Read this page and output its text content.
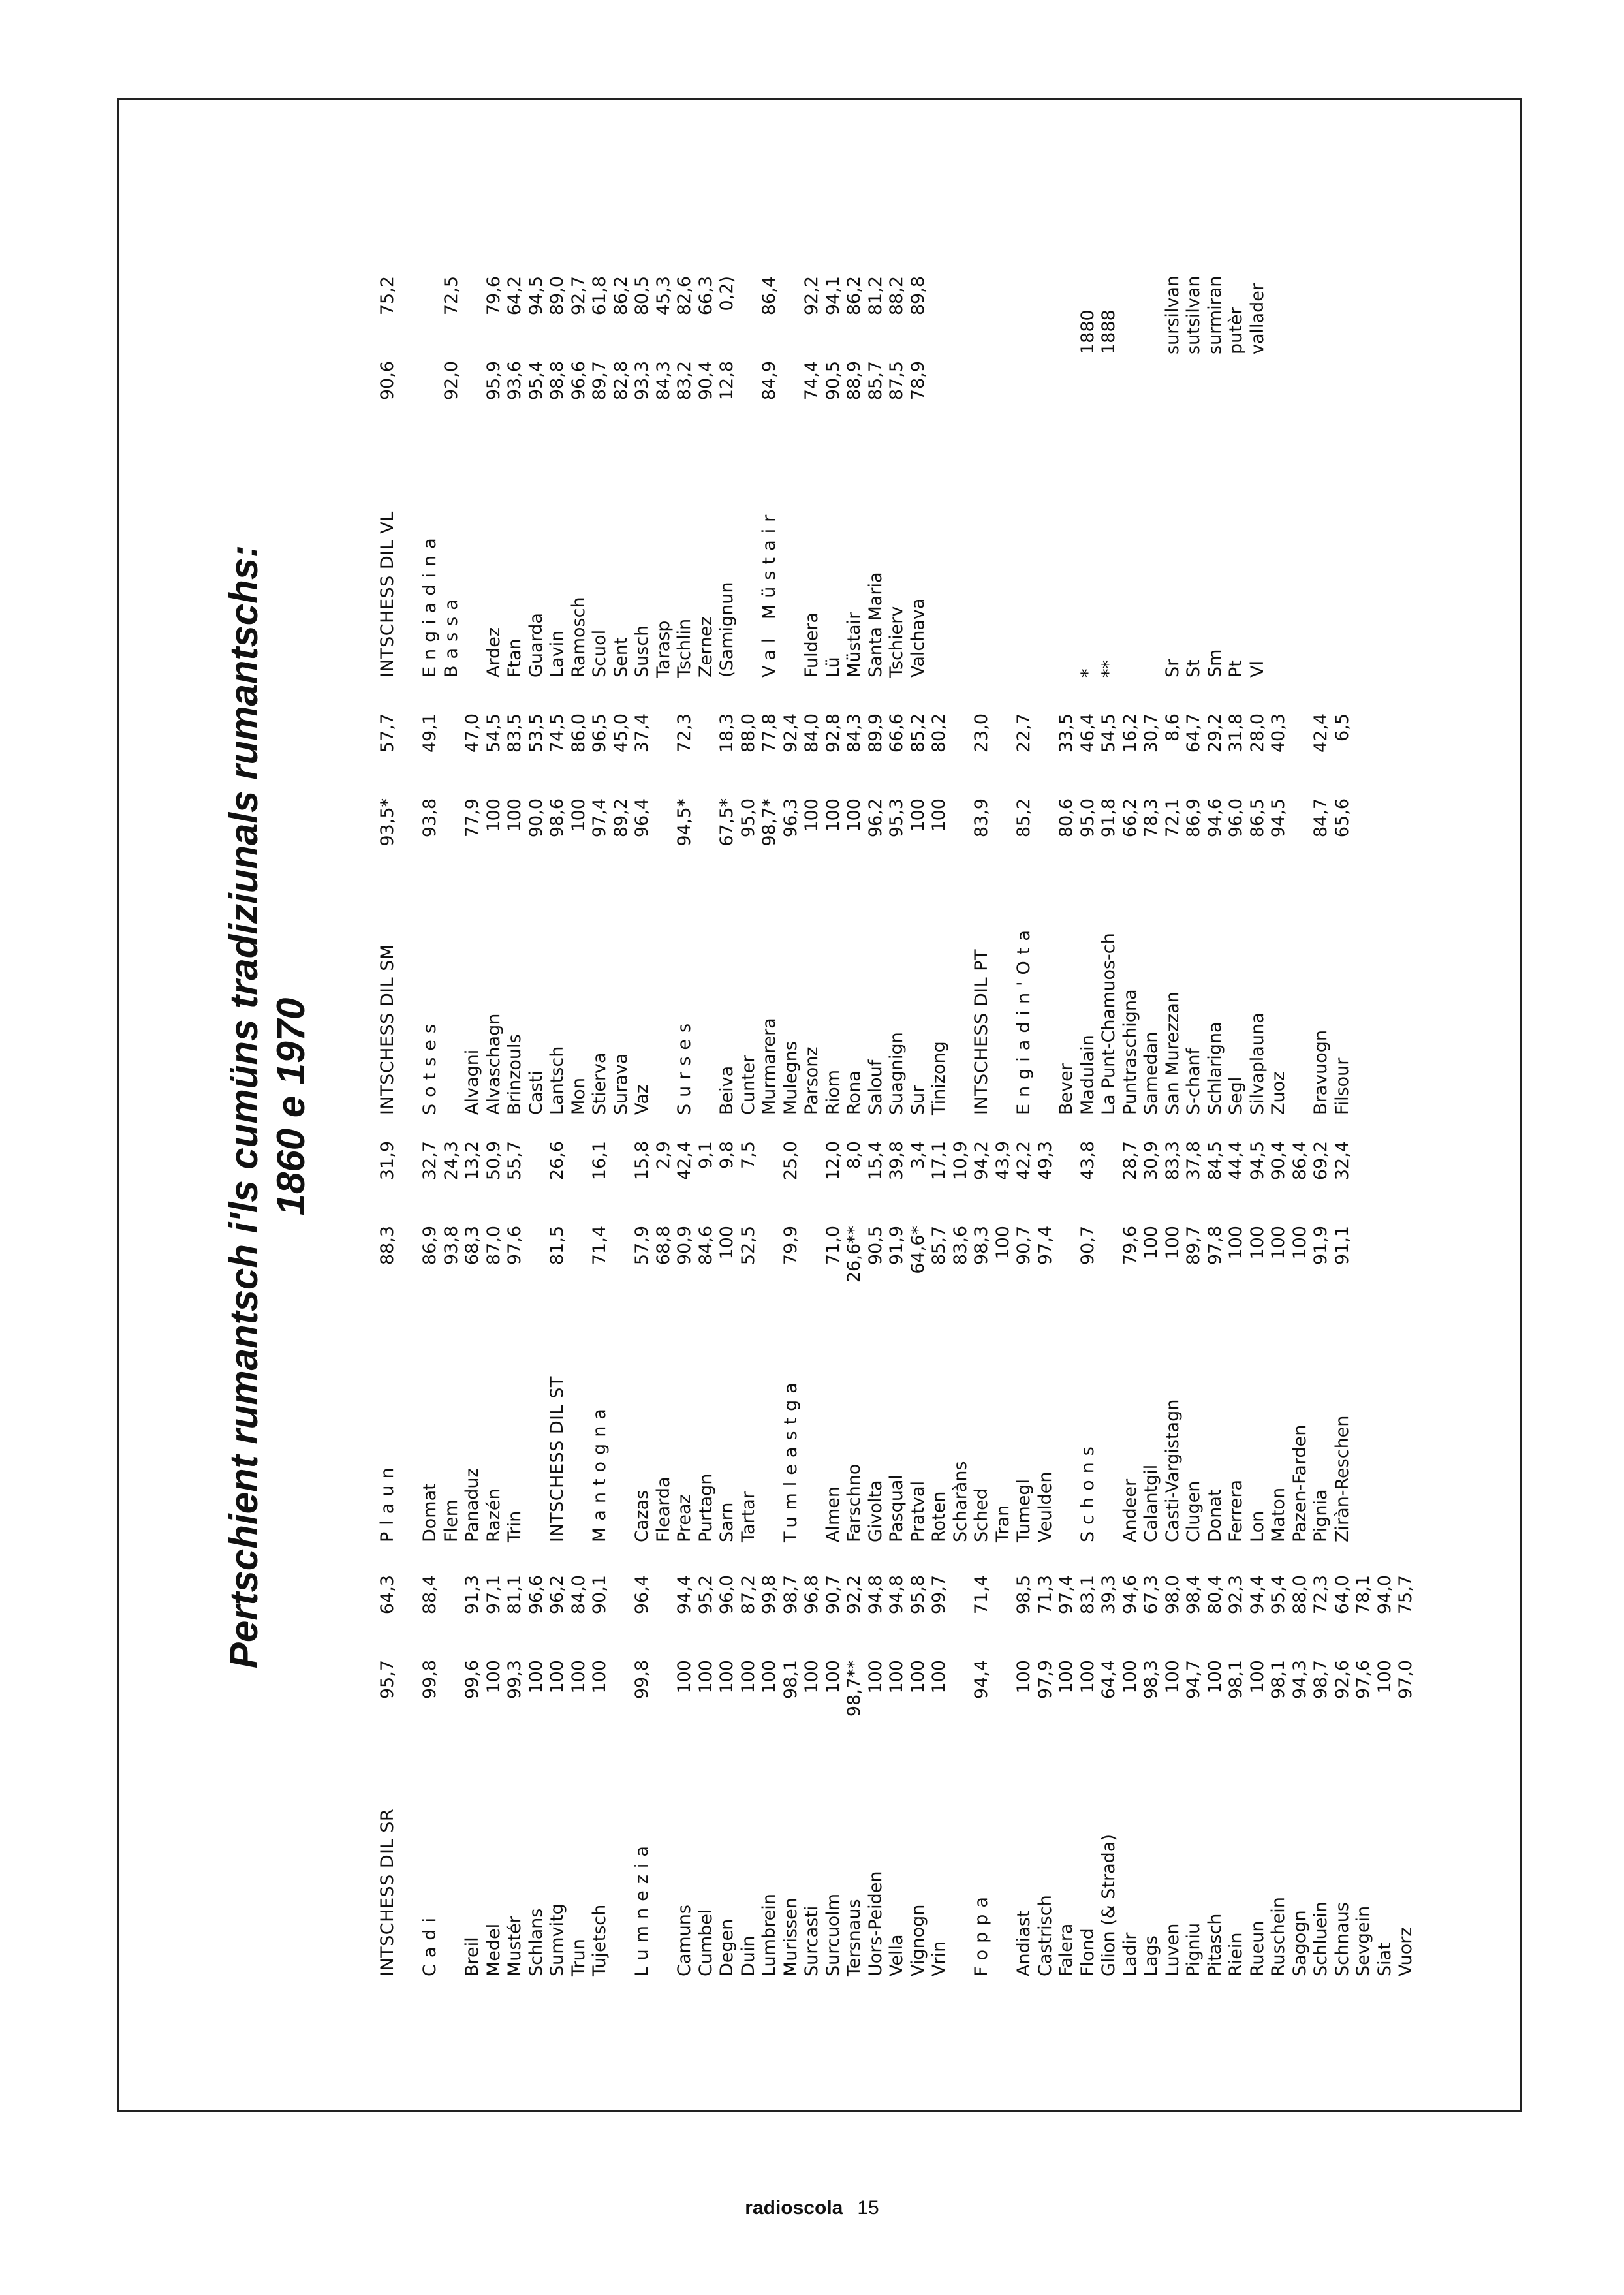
Pertschient rumantsch i'ls cumüns tradiziunals rumantschs: 1860 e 1970
INTSCHESS DIL SR
95,7
64,3
Cadi
99,8
88,4
Breil
99,6
91,3
Medel
100
97,1
Mustér
99,3
81,1
Schlans
100
96,6
Sumvitg
100
96,2
Trun
100
84,0
Tujetsch
100
90,1
Lumnezia
99,8
96,4
Camuns
100
94,4
Cumbel
100
95,2
Degen
100
96,0
Duin
100
87,2
Lumbrein
100
99,8
Murissen
98,1
98,7
Surcasti
100
96,8
Surcuolm
100
90,7
Tersnaus
98,7**
92,2
Uors-Peiden
100
94,8
Vella
100
94,8
Vignogn
100
95,8
Vrin
100
99,7
Foppa
94,4
71,4
Andiast
100
98,5
Castrisch
97,9
71,3
Falera
100
97,4
Flond
100
83,1
Glion (& Strada)
64,4
39,3
Ladir
100
94,6
Lags
98,3
67,3
Luven
100
98,0
Pigniu
94,7
98,4
Pitasch
100
80,4
Riein
98,1
92,3
Rueun
100
94,4
Ruschein
98,1
95,4
Sagogn
94,3
88,0
Schluein
98,7
72,3
Schnaus
92,6
64,0
Sevgein
97,6
78,1
Siat
100
94,0
Vuorz
97,0
75,7
Plaun
88,3
31,9
Domat
86,9
32,7
Flem
93,8
24,3
Panaduz
68,3
13,2
Razén
87,0
50,9
Trin
97,6
55,7
INTSCHESS DIL ST
81,5
26,6
Mantogna
71,4
16,1
Cazas
57,9
15,8
Flearda
68,8
2,9
Preaz
90,9
42,4
Purtagn
84,6
9,1
Sarn
100
9,8
Tartar
52,5
7,5
Tumleastga
79,9
25,0
Almen
71,0
12,0
Farschno
26,6**
8,0
Givolta
90,5
15,4
Pasqual
91,9
39,8
Pratval
64,6*
3,4
Roten
85,7
17,1
Scharàns
83,6
10,9
Sched
98,3
94,2
Tran
100
43,9
Tumegl
90,7
42,2
Veulden
97,4
49,3
Schons
90,7
43,8
Andeer
79,6
28,7
Calantgil
100
30,9
Casti-Vargistagn
100
83,3
Clugen
89,7
37,8
Donat
97,8
84,5
Ferrera
100
44,4
Lon
100
94,5
Maton
100
90,4
Pazen-Farden
100
86,4
Pignia
91,9
69,2
Ziràn-Reschen
91,1
32,4
INTSCHESS DIL SM
93,5*
57,7
Sotses
93,8
49,1
Alvagni
77,9
47,0
Alvaschagn
100
54,5
Brinzouls
100
83,5
Casti
90,0
53,5
Lantsch
98,6
74,5
Mon
100
86,0
Stierva
97,4
96,5
Surava
89,2
45,0
Vaz
96,4
37,4
Surses
94,5*
72,3
Beiva
67,5*
18,3
Cunter
95,0
88,0
Murmarera
98,7*
77,8
Mulegns
96,3
92,4
Parsonz
100
84,0
Riom
100
92,8
Rona
100
84,3
Salouf
96,2
89,9
Suagnign
95,3
66,6
Sur
100
85,2
Tinizong
100
80,2
INTSCHESS DIL PT
83,9
23,0
Engiadin'Ota
85,2
22,7
Bever
80,6
33,5
Madulain
95,0
46,4
La Punt-Chamuos-ch
91,8
54,5
Puntraschigna
66,2
16,2
Samedan
78,3
30,7
San Murezzan
72,1
8,6
S-chanf
86,9
64,7
Schlarigna
94,6
29,2
Segl
96,0
31,8
Silvaplauna
86,5
28,0
Zuoz
94,5
40,3
Bravuogn
84,7
42,4
Filsour
65,6
6,5
INTSCHESS DIL VL
90,6
75,2
Engiadina Bassa
92,0
72,5
Ardez
95,9
79,6
Ftan
93,6
64,2
Guarda
95,4
94,5
Lavin
98,8
89,0
Ramosch
96,6
92,7
Scuol
89,7
61,8
Sent
82,8
86,2
Susch
93,3
80,5
Tarasp
84,3
45,3
Tschlin
83,2
82,6
Zernez
90,4
66,3
(Samignun
12,8
0,2)
Val Müstair
84,9
86,4
Fuldera
74,4
92,2
Lü
90,5
94,1
Müstair
88,9
86,2
Santa Maria
85,7
81,2
Tschierv
87,5
88,2
Valchava
78,9
89,8
*
1880
**
1888
Sr
sursilvan
St
sutsilvan
Sm
surmiran
Pt
putèr
Vl
vallader
radioscola 15
